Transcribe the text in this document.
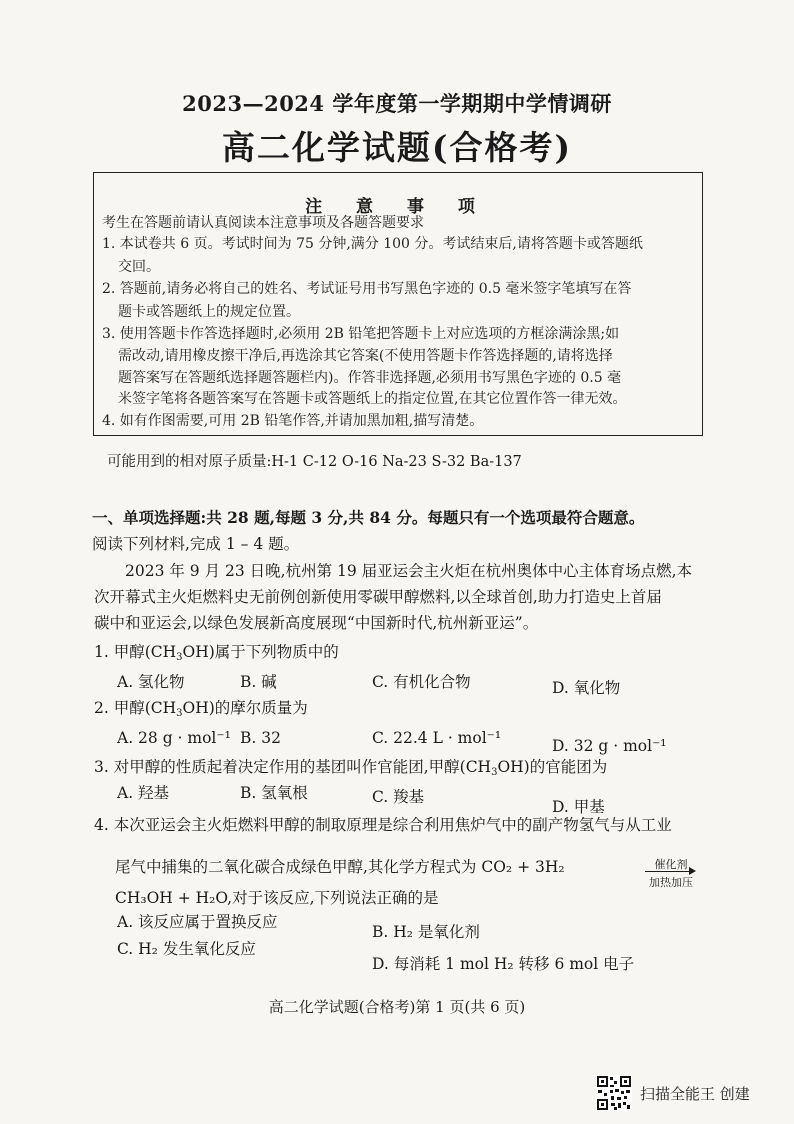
2023—2024 学年度第一学期期中学情调研
高二化学试题(合格考)
注 意 事 项
考生在答题前请认真阅读本注意事项及各题答题要求
1. 本试卷共 6 页。考试时间为 75 分钟,满分 100 分。考试结束后,请将答题卡或答题纸
交回。
2. 答题前,请务必将自己的姓名、考试证号用书写黑色字迹的 0.5 毫米签字笔填写在答
题卡或答题纸上的规定位置。
3. 使用答题卡作答选择题时,必须用 2B 铅笔把答题卡上对应选项的方框涂满涂黑;如
需改动,请用橡皮擦干净后,再选涂其它答案(不使用答题卡作答选择题的,请将选择
题答案写在答题纸选择题答题栏内)。作答非选择题,必须用书写黑色字迹的 0.5 毫
米签字笔将各题答案写在答题卡或答题纸上的指定位置,在其它位置作答一律无效。
4. 如有作图需要,可用 2B 铅笔作答,并请加黑加粗,描写清楚。
可能用到的相对原子质量:H-1 C-12 O-16 Na-23 S-32 Ba-137
一、单项选择题:共 28 题,每题 3 分,共 84 分。每题只有一个选项最符合题意。
阅读下列材料,完成 1 – 4 题。
2023 年 9 月 23 日晚,杭州第 19 届亚运会主火炬在杭州奥体中心主体育场点燃,本
次开幕式主火炬燃料史无前例创新使用零碳甲醇燃料,以全球首创,助力打造史上首届
碳中和亚运会,以绿色发展新高度展现“中国新时代,杭州新亚运”。
1. 甲醇$(CH_3OH)$属于下列物质中的
A. 氢化物	B. 碱	C. 有机化合物	D. 氧化物
2. 甲醇$(CH_3OH)$的摩尔质量为
A. 28 g · mol⁻¹ B. 32	C. 22.4 L · mol⁻¹	D. 32 g · mol⁻¹
3. 对甲醇的性质起着决定作用的基团叫作官能团,甲醇$(CH_3OH)$的官能团为
A. 羟基	B. 氢氧根	C. 羧基
D. 甲基
4. 本次亚运会主火炬燃料甲醇的制取原理是综合利用焦炉气中的副产物氢气与从工业
尾气中捕集的二氧化碳合成绿色甲醇,其化学方程式为 CO₂ + 3H₂	催化剂
加热加压
CH₃OH + H₂O,对于该反应,下列说法正确的是
A. 该反应属于置换反应
B. H₂ 是氧化剂
C. H₂ 发生氧化反应
D. 每消耗 1 mol H₂ 转移 6 mol 电子
高二化学试题(合格考)第 1 页(共 6 页)
扫描全能王 创建
